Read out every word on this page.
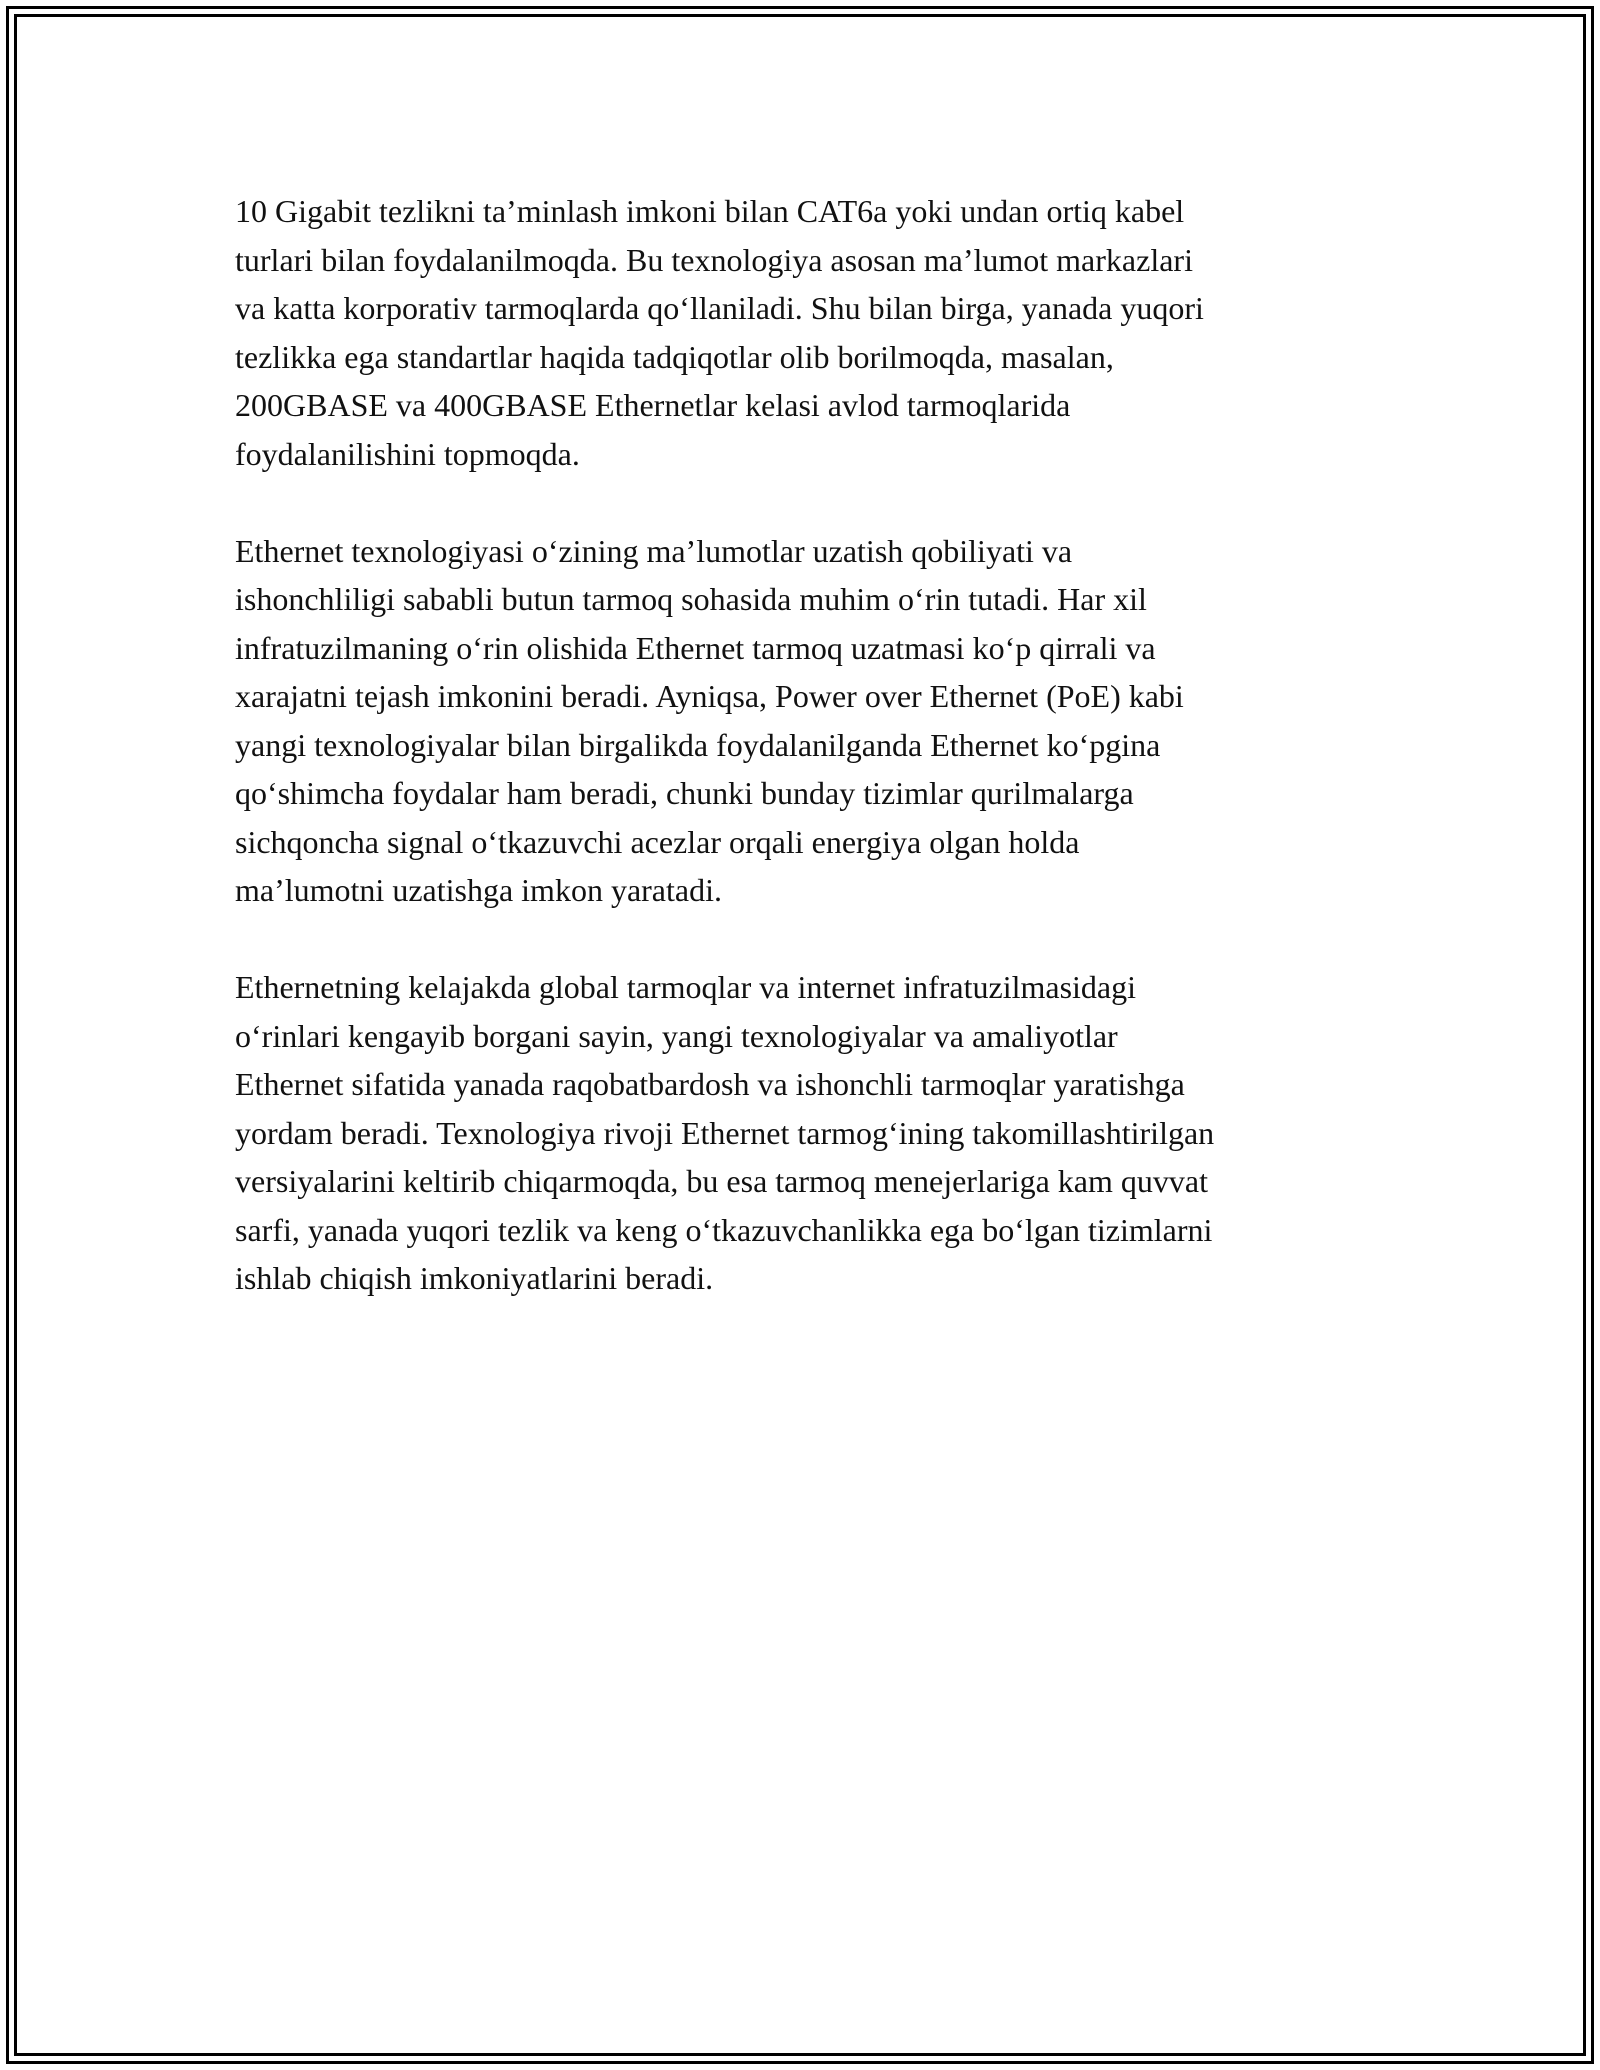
10 Gigabit tezlikni ta’minlash imkoni bilan CAT6a yoki undan ortiq kabel
turlari bilan foydalanilmoqda. Bu texnologiya asosan ma’lumot markazlari
va katta korporativ tarmoqlarda qo‘llaniladi. Shu bilan birga, yanada yuqori
tezlikka ega standartlar haqida tadqiqotlar olib borilmoqda, masalan,
200GBASE va 400GBASE Ethernetlar kelasi avlod tarmoqlarida
foydalanilishini topmoqda.

Ethernet texnologiyasi o‘zining ma’lumotlar uzatish qobiliyati va
ishonchliligi sababli butun tarmoq sohasida muhim o‘rin tutadi. Har xil
infratuzilmaning o‘rin olishida Ethernet tarmoq uzatmasi ko‘p qirrali va
xarajatni tejash imkonini beradi. Ayniqsa, Power over Ethernet (PoE) kabi
yangi texnologiyalar bilan birgalikda foydalanilganda Ethernet ko‘pgina
qo‘shimcha foydalar ham beradi, chunki bunday tizimlar qurilmalarga
sichqoncha signal o‘tkazuvchi acezlar orqali energiya olgan holda
ma’lumotni uzatishga imkon yaratadi.

Ethernetning kelajakda global tarmoqlar va internet infratuzilmasidagi
o‘rinlari kengayib borgani sayin, yangi texnologiyalar va amaliyotlar
Ethernet sifatida yanada raqobatbardosh va ishonchli tarmoqlar yaratishga
yordam beradi. Texnologiya rivoji Ethernet tarmog‘ining takomillashtirilgan
versiyalarini keltirib chiqarmoqda, bu esa tarmoq menejerlariga kam quvvat
sarfi, yanada yuqori tezlik va keng o‘tkazuvchanlikka ega bo‘lgan tizimlarni
ishlab chiqish imkoniyatlarini beradi.
